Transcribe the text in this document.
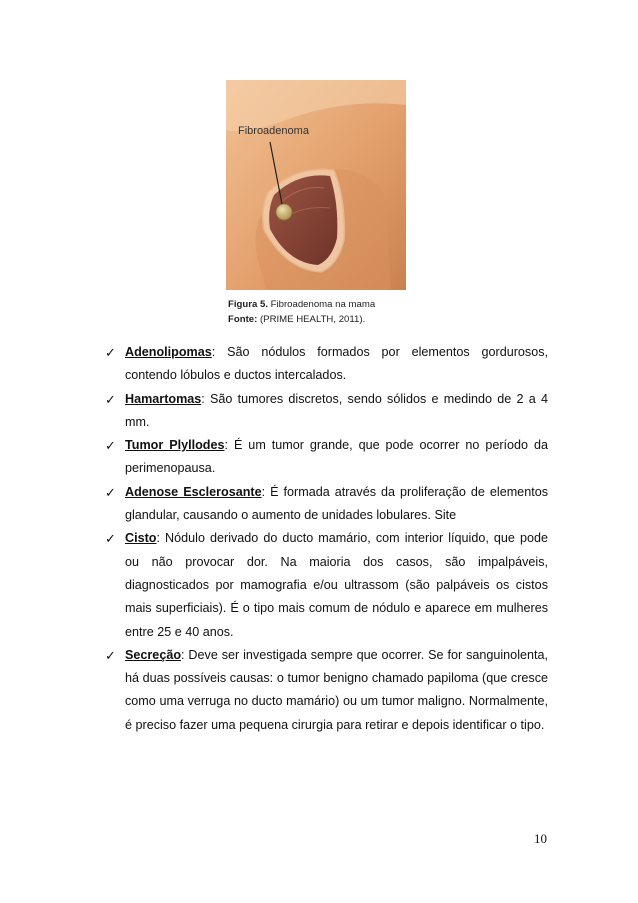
Fibroadenoma
Figura 5. Fibroadenoma na mama
Fonte: (PRIME HEALTH, 2011).
✓ Adenolipomas: São nódulos formados por elementos gordurosos, contendo lóbulos e ductos intercalados.
✓ Hamartomas: São tumores discretos, sendo sólidos e medindo de 2 a 4 mm.
✓ Tumor Plyllodes: É um tumor grande, que pode ocorrer no período da perimenopausa.
✓ Adenose Esclerosante: É formada através da proliferação de elementos glandular, causando o aumento de unidades lobulares. Site
✓ Cisto: Nódulo derivado do ducto mamário, com interior líquido, que pode ou não provocar dor. Na maioria dos casos, são impalpáveis, diagnosticados por mamografia e/ou ultrassom (são palpáveis os cistos mais superficiais). É o tipo mais comum de nódulo e aparece em mulheres entre 25 e 40 anos.
✓ Secreção: Deve ser investigada sempre que ocorrer. Se for sanguinolenta, há duas possíveis causas: o tumor benigno chamado papiloma (que cresce como uma verruga no ducto mamário) ou um tumor maligno. Normalmente, é preciso fazer uma pequena cirurgia para retirar e depois identificar o tipo.
10
